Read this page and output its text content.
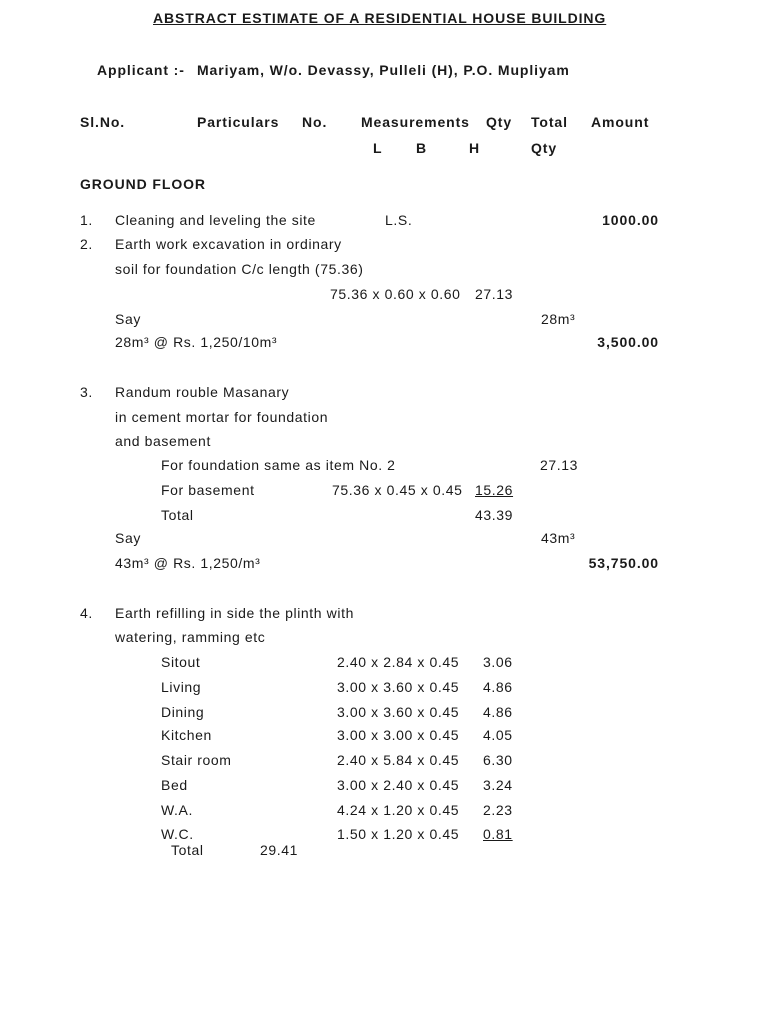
ABSTRACT ESTIMATE OF A RESIDENTIAL HOUSE BUILDING
Applicant :- Mariyam, W/o. Devassy, Pulleli (H), P.O. Mupliyam
Sl.No.	Particulars No. Measurements Qty Total Amount
L B	H	Qty
GROUND FLOOR
1. Cleaning and leveling the site	L.S.	1000.00
2. Earth work excavation in ordinary
soil for foundation C/c length (75.36)
75.36 x 0.60 x 0.60 27.13
Say	28m³
28m³ @ Rs. 1,250/10m³	3,500.00
3. Randum rouble Masanary
in cement mortar for foundation
and basement
For foundation same as item No. 2	27.13
For basement	75.36 x 0.45 x 0.45 15.26
Total	43.39
Say	43m³
43m³ @ Rs. 1,250/m³	53,750.00
4. Earth refilling in side the plinth with
watering, ramming etc
Sitout	2.40 x 2.84 x 0.45 3.06
Living	3.00 x 3.60 x 0.45 4.86
Dining	3.00 x 3.60 x 0.45 4.86
Kitchen	3.00 x 3.00 x 0.45 4.05
Stair room	2.40 x 5.84 x 0.45 6.30
Bed	3.00 x 2.40 x 0.45 3.24
W.A.	4.24 x 1.20 x 0.45 2.23
W.C.	1.50 x 1.20 x 0.45 0.81
Total	29.41
